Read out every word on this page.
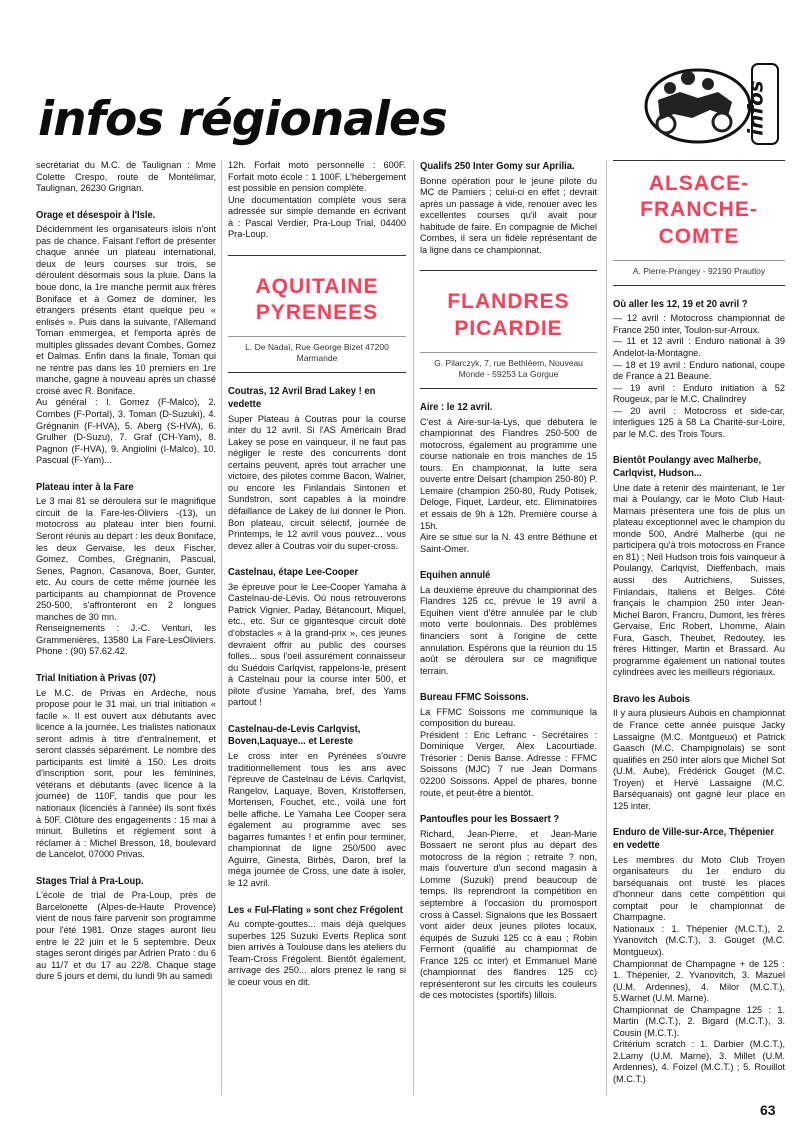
infos régionales	infos

secrétariat du M.C. de Taulignan : Mme Colette Crespo, route de Montélimar, Taulignan, 26230 Grignan.

Orage et désespoir à l'Isle.

Décidemment les organisateurs islois n'ont pas de chance. Faisant l'effort de présenter chaque année un plateau international, deux de leurs courses sur trois, se déroulent désormais sous la pluie. Dans la boue donc, la 1re manche permit aux frères Boniface et à Gomez de dominer, les étrangers présents étant quelque peu « enlisés ». Puis dans la suivante, l'Allemand Toman emmergea, et l'emporta après de multiples glissades devant Combes, Gomez et Dalmas. Enfin dans la finale, Toman qui ne rentre pas dans les 10 premiers en 1re manche, gagne à nouveau après un chassé croisé avec R. Boniface.

Au général : I. Gomez (F-Malco), 2. Combes (F-Portal), 3. Toman (D-Suzuki), 4. Grégnanin (F-HVA), 5. Aberg (S-HVA), 6. Grulher (D-Suzu), 7. Graf (CH-Yam), 8. Pagnon (F-HVA), 9. Angiolini (I-Malco), 10. Pascual (F-Yam)...

Plateau inter à la Fare

Le 3 mai 81 se déroulera sur le magnifique circuit de la Fare-les-Oliviers -(13), un motocross au plateau inter bien fourni. Seront réunis au départ : les deux Boniface, les deux Gervaise, les deux Fischer, Gomez, Combes, Grégnanin, Pascual, Senes, Pagnon, Casanova, Boer, Gunter, etc. Au cours de cette même journée les participants au championnat de Provence 250-500, s'affronteront en 2 longues manches de 30 mn.

Renseignements : J.-C. Venturi, les Grammenières, 13580 La Fare-LesOliviers. Phone : (90) 57.62.42.

Trial Initiation à Privas (07)

Le M.C. de Privas en Ardèche, nous propose pour le 31 mai, un trial initiation « facile ». Il est ouvert aux débutants avec licence à la journée. Les trialistes nationaux seront admis à titre d'entraînement, et seront classés séparément. Le nombre des participants est limité à 150. Les droits d'inscription sont, pour les féminines, vétérans et débutants (avec licence à la journée) de 110F, tandis que pour les nationaux (licenciés à l'année) ils sont fixés à 50F. Clôture des engagements : 15 mai à minuit. Bulletins et règlement sont à réclamer à : Michel Bresson, 18, boulevard de Lancelot, 07000 Privas.

Stages Trial à Pra-Loup.

L'école de trial de Pra-Loup, près de Barcelonette (Alpes-de-Haute Provence) vient de nous faire parvenir son programme pour l'été 1981. Onze stages auront lieu entre le 22 juin et le 5 septembre. Deux stages seront dirigés par Adrien Prato : du 6 au 11/7 et du 17 au 22/8. Chaque stage dure 5 jours et demi, du lundi 9h au samedi

12h. Forfait moto personnelle : 600F. Forfait moto école : 1 100F. L'hébergement est possible en pension complète.

Une documentation complète vous sera adressée sur simple demande en écrivant à : Pascal Verdier, Pra-Loup Trial, 04400 Pra-Loup.

AQUITAINE PYRENEES
L. De Nadaï, Rue George Bizet 47200 Marmande
Coutras, 12 Avril Brad Lakey ! en vedette

Super Plateau à Coutras pour la course inter du 12 avril. Si l'AS Américain Brad Lakey se pose en vainqueur, il ne faut pas négliger le reste des concurrents dont certains peuvent, après tout arracher une victoire, des pilotes comme Bacon, Walner, ou encore les Finlandais Sintonen et Sundstron, sont capables à la moindre défaillance de Lakey de lui donner le Pion. Bon plateau, circuit sélectif, journée de Printemps, le 12 avril vous pouvez... vous devez aller à Coutras voir du super-cross.

Castelnau, étape Lee-Cooper

3e épreuve pour le Lee-Cooper Yamaha à Castelnau-de-Lévis. Où nous retrouverons Patrick Vignier, Paday, Bétancourt, Miquel, etc., etc. Sur ce gigantesque circuit doté d'obstacles « à la grand-prix », ces jeunes devraient offrir au public des courses folles... sous l'oeil assurément connaisseur du Suédois Carlqvist, rappelons-le, présent à Castelnau pour la course inter 500, et pilote d'usine Yamaha, bref, des Yams partout !

Castelnau-de-Levis Carlqvist, Boven,Laquaye... et Lereste

Le cross inter en Pyrénées s'ouvre traditionnellement tous les ans avec l'épreuve de Castelnau de Lévis. Carlqvist, Rangelov, Laquaye, Boven, Kristoffersen, Mortensen, Fouchet, etc., voilà une fort belle affiche. Le Yamaha Lee Cooper sera également au programme avec ses bagarres fumantes ! et enfin pour terminer, championnat de ligne 250/500 avec Aguirre, Ginesta, Birbès, Daron, bref la méga journée de Cross, une date à isoler, le 12 avril.

Les « Ful-Flating » sont chez Frégolent

Au compte-gouttes... mais déjà quelques superbes 125 Suzuki Everts Replica sont bien arrivés à Toulouse dans les ateliers du Team-Cross Frégolent. Bientôt également, arrivage des 250... alors prenez le rang si le coeur vous en dit.

Qualifs 250 Inter Gomy sur Aprilia.

Bonne opération pour le jeune pilote du MC de Pamiers ; celui-ci en effet ; devrait après un passage à vide, renouer avec les excellentes courses qu'il avait pour habitude de faire. En compagnie de Michel Combes, il sera un fidèle représentant de la ligne dans ce championnat.

FLANDRES PICARDIE
G. Pilarczyk, 7, rue Bethléem, Nouveau Monde - 59253 La Gorgue
Aire : le 12 avril.

C'est à Aire-sur-la-Lys, que débutera le championnat des Flandres 250-500 de motocross, également au programme une course nationale en trois manches de 15 tours. En championnat, la lutte sera ouverte entre Delsart (champion 250-80) P. Lemaire (champion 250-80, Rudy Potisek, Deloge, Fiquet, Lardeur, etc. Eliminatoires et essais de 9h à 12h. Première course à 15h.

Aire se situe sur la N. 43 entre Béthune et Saint-Omer.

Equihen annulé

La deuxième épreuve du championnat des Flandres 125 cc, prévue le 19 avril à Equihen vient d'être annulée par le club moto verte boulonnais. Des problèmes financiers sont à l'origine de cette annulation. Espérons que la réunion du 15 août se déroulera sur ce magnifique terrain.

Bureau FFMC Soissons.

La FFMC Soissons me communique la composition du bureau.

Président : Eric Lefranc - Secrétaires : Dominique Verger, Alex Lacourtiade. Trésorier : Denis Banse. Adresse : FFMC Soissons (MJC) 7 rue Jean Dormans 02200 Soissons. Appel de phares, bonne route, et peut-être à bientôt.

Pantoufles pour les Bossaert ?

Richard, Jean-Pierre, et Jean-Marie Bossaert ne seront plus au départ des motocross de la région ; retraite ? non, mais l'ouverture d'un second magasin à Lomme (Suzuki) prend beaucoup de temps. Ils reprendront la compétition en septembre à l'occasion du promosport cross à Cassel. Signalons que les Bossaert vont aider deux jeunes pilotes locaux, équipés de Suzuki 125 cc à eau ; Robin Fermont (qualifié au championnat de France 125 cc inter) et Emmanuel Marié (championnat des flandres 125 cc) représenteront sur les circuits les couleurs de ces motocistes (sportifs) lillois.

ALSACE-FRANCHE-COMTE
A. Pierre-Prangey - 92190 Prautloy
Où aller les 12, 19 et 20 avril ?

— 12 avril : Motocross championnat de France 250 inter, Toulon-sur-Arroux.

— 11 et 12 avril : Enduro national à 39 Andelot-la-Montagne.

— 18 et 19 avril : Enduro national, coupe de France à 21 Beaune.

— 19 avril : Enduro initiation à 52 Rougeux, par le M.C. Chalindrey

— 20 avril : Motocross et side-car, interligues 125 à 58 La Charité-sur-Loire, par le M.C. des Trois Tours.

Bientôt Poulangy avec Malherbe, Carlqvist, Hudson...

Une date à retenir dès maintenant, le 1er mai à Poulangy, car le Moto Club Haut-Marnais présentera une fois de plus un plateau exceptionnel avec le champion du monde 500, André Malherbe (qui ne participera qu'à trois motocross en France en 81) ; Neil Hudson trois fois vainqueur à Poulangy, Carlqvist, Dieffenbach, mais aussi des Autrichiens, Suisses, Finlandais, Italiens et Belges. Côté français le champion 250 inter Jean-Michel Baron, Francru, Dumont, les frères Gervaise, Eric Robert, Lhomme, Alain Fura, Gasch, Theubet, Redoutey, les frères Hittinger, Martin et Brassard. Au programme également un national toutes cylindrées avec les meilleurs régionaux.

Bravo les Aubois

Il y aura plusieurs Aubois en championnat de France cette année puisque Jacky Lassaigne (M.C. Montgueux) et Patrick Gaasch (M.C. Champignolais) se sont qualifiés en 250 inter alors que Michel Sot (U.M. Aube), Frédérick Gouget (M.C. Troyen) et Hervé Lassaigne (M.C. Barséquanais) ont gagné leur place en 125 inter.

Enduro de Ville-sur-Arce, Thépenier en vedette

Les membres du Moto Club Troyen organisateurs du 1er enduro du barséquanais ont trusté les places d'honneur dans cette compétition qui comptait pour le championnat de Champagne.

Nationaux : 1. Thépenier (M.C.T.), 2. Yvanovitch (M.C.T.), 3. Gouget (M.C. Montgueux).

Championnat de Champagne + de 125 : 1. Thépenier, 2. Yvanovitch, 3. Mazuel (U.M. Ardennes), 4. Milor (M.C.T.), 5.Warnet (U.M. Marne).

Championnat de Champagne 125 : 1. Martin (M.C.T.), 2. Bigard (M.C.T.), 3. Cousin (M.C.T.).

Critérium scratch : 1. Darbier (M.C.T.), 2.Lamy (U.M. Marne), 3. Millet (U.M. Ardennes), 4. Foizel (M.C.T.) ; 5. Rouillot (M.C.T.)

63
